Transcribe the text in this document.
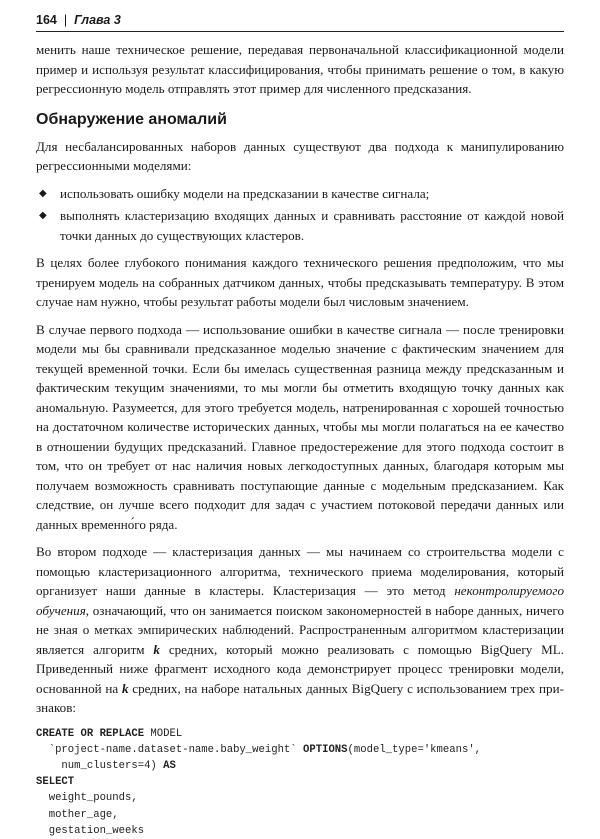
164 | Глава 3

менить наше техническое решение, передавая первоначальной классификационной модели пример и используя результат классифицирования, чтобы принимать решение о том, в какую регрессионную модель отправлять этот пример для численного предсказания.

Обнаружение аномалий

Для несбалансированных наборов данных существуют два подхода к манипулированию регрессионными моделями:

◆ использовать ошибку модели на предсказании в качестве сигнала;
◆ выполнять кластеризацию входящих данных и сравнивать расстояние от каждой новой точки данных до существующих кластеров.

В целях более глубокого понимания каждого технического решения предположим, что мы тренируем модель на собранных датчиком данных, чтобы предсказывать температуру. В этом случае нам нужно, чтобы результат работы модели был числовым значением.

В случае первого подхода — использование ошибки в качестве сигнала — после тренировки модели мы бы сравнивали предсказанное моделью значение с фактическим значением для текущей временной точки. Если бы имелась существенная разница между предсказанным и фактическим текущим значениями, то мы могли бы отметить входящую точку данных как аномальную. Разумеется, для этого требуется модель, натренированная с хорошей точностью на достаточном количестве исторических данных, чтобы мы могли полагаться на ее качество в отношении будущих предсказаний. Главное предостережение для этого подхода состоит в том, что он требует от нас наличия новых легкодоступных данных, благодаря которым мы получаем возможность сравнивать поступающие данные с модельным предсказанием. Как следствие, он лучше всего подходит для задач с участием потоковой передачи данных или данных временно́го ряда.

Во втором подходе — кластеризация данных — мы начинаем со строительства модели с помощью кластеризационного алгоритма, технического приема моделирования, который организует наши данные в кластеры. Кластеризация — это метод неконтролируемого обучения, означающий, что он занимается поиском закономерностей в наборе данных, ничего не зная о метках эмпирических наблюдений. Распространенным алгоритмом кластеризации является алгоритм k средних, который можно реализовать с помощью BigQuery ML. Приведенный ниже фрагмент исходного кода демонстрирует процесс тренировки модели, основанной на k средних, на наборе натальных данных BigQuery с использованием трех признаков:

CREATE OR REPLACE MODEL
`project-name.dataset-name.baby_weight` OPTIONS(model_type='kmeans',
num_clusters=4) AS
SELECT
weight_pounds,
mother_age,
gestation_weeks
